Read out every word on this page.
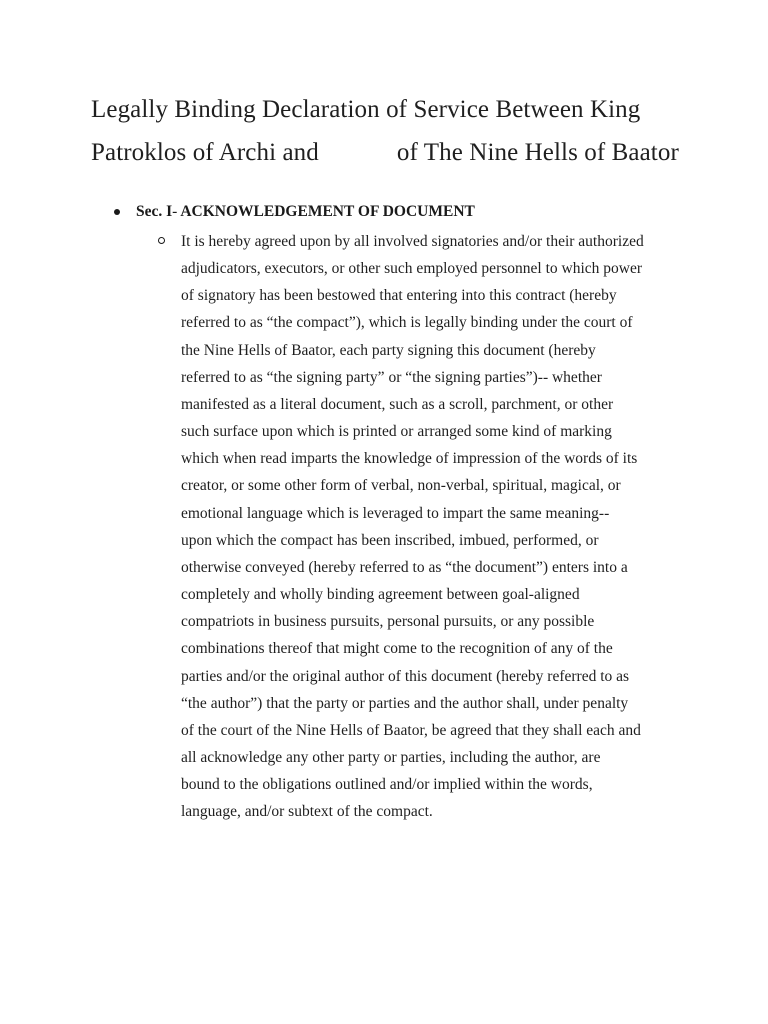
Legally Binding Declaration of Service Between King
Patroklos of Archi and	of The Nine Hells of Baator
Sec. I- ACKNOWLEDGEMENT OF DOCUMENT
It is hereby agreed upon by all involved signatories and/or their authorized
adjudicators, executors, or other such employed personnel to which power
of signatory has been bestowed that entering into this contract (hereby
referred to as “the compact”), which is legally binding under the court of
the Nine Hells of Baator, each party signing this document (hereby
referred to as “the signing party” or “the signing parties”)-- whether
manifested as a literal document, such as a scroll, parchment, or other
such surface upon which is printed or arranged some kind of marking
which when read imparts the knowledge of impression of the words of its
creator, or some other form of verbal, non-verbal, spiritual, magical, or
emotional language which is leveraged to impart the same meaning--
upon which the compact has been inscribed, imbued, performed, or
otherwise conveyed (hereby referred to as “the document”) enters into a
completely and wholly binding agreement between goal-aligned
compatriots in business pursuits, personal pursuits, or any possible
combinations thereof that might come to the recognition of any of the
parties and/or the original author of this document (hereby referred to as
“the author”) that the party or parties and the author shall, under penalty
of the court of the Nine Hells of Baator, be agreed that they shall each and
all acknowledge any other party or parties, including the author, are
bound to the obligations outlined and/or implied within the words,
language, and/or subtext of the compact.
